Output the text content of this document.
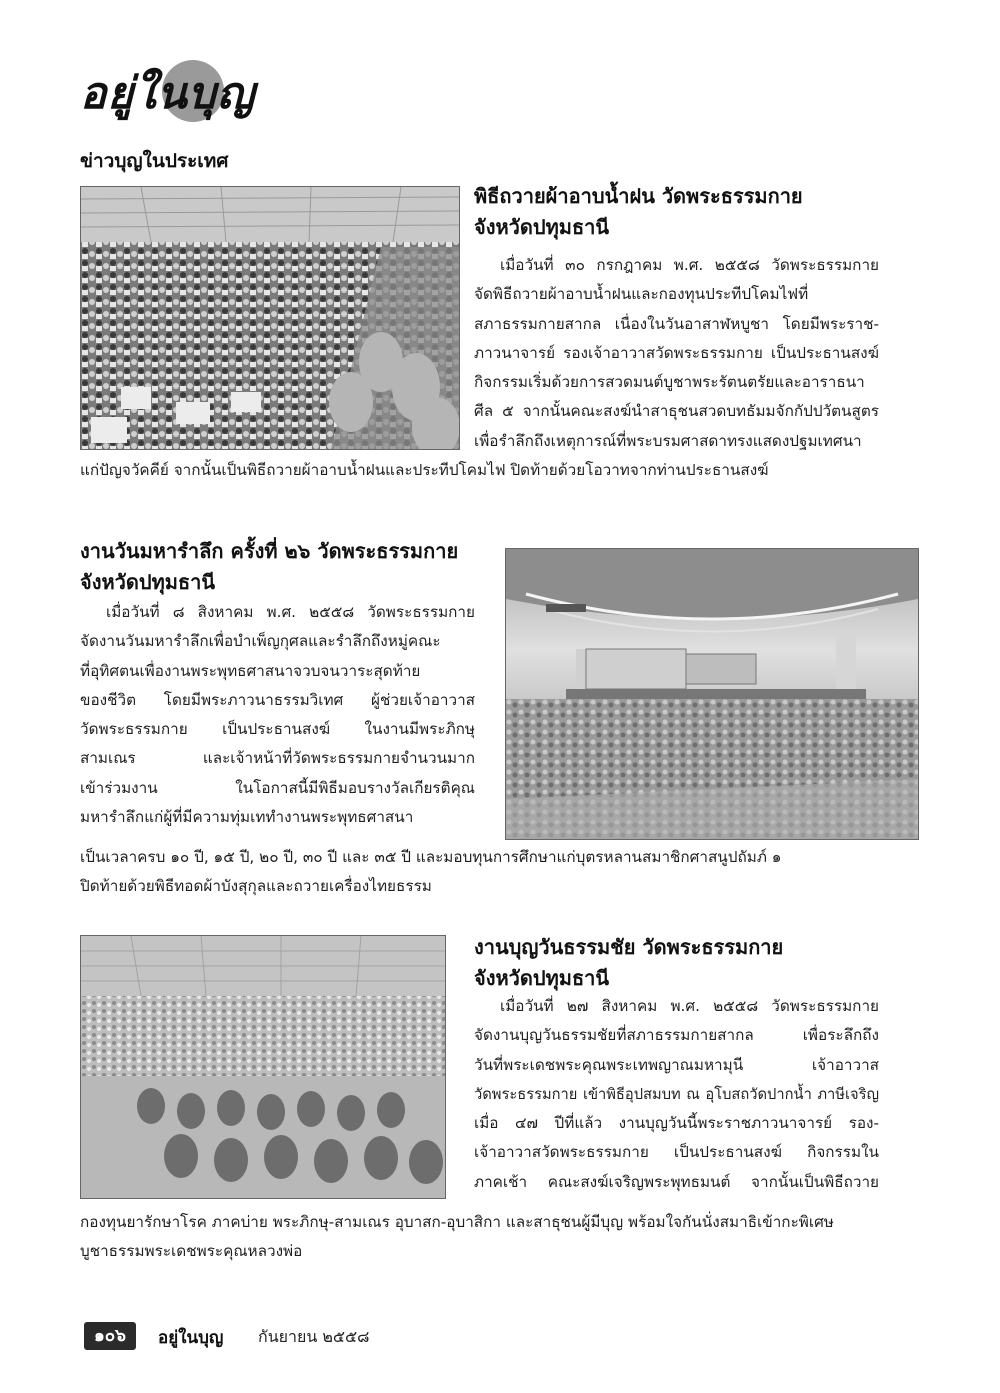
อยู่ในบุญ
ข่าวบุญในประเทศ
พิธีถวายผ้าอาบน้ำฝน วัดพระธรรมกาย
จังหวัดปทุมธานี
เมื่อวันที่ ๓๐ กรกฎาคม พ.ศ. ๒๕๕๘ วัดพระธรรมกาย
จัดพิธีถวายผ้าอาบน้ำฝนและกองทุนประทีปโคมไฟที่
สภาธรรมกายสากล เนื่องในวันอาสาฬหบูชา โดยมีพระราช-
ภาวนาจารย์ รองเจ้าอาวาสวัดพระธรรมกาย เป็นประธานสงฆ์
กิจกรรมเริ่มด้วยการสวดมนต์บูชาพระรัตนตรัยและอาราธนา
ศีล ๕ จากนั้นคณะสงฆ์นำสาธุชนสวดบทธัมมจักกัปปวัตนสูตร
เพื่อรำลึกถึงเหตุการณ์ที่พระบรมศาสดาทรงแสดงปฐมเทศนา
แก่ปัญจวัคคีย์ จากนั้นเป็นพิธีถวายผ้าอาบน้ำฝนและประทีปโคมไฟ ปิดท้ายด้วยโอวาทจากท่านประธานสงฆ์
งานวันมหารำลึก ครั้งที่ ๒๖ วัดพระธรรมกาย
จังหวัดปทุมธานี
เมื่อวันที่ ๘ สิงหาคม พ.ศ. ๒๕๕๘ วัดพระธรรมกาย
จัดงานวันมหารำลึกเพื่อบำเพ็ญกุศลและรำลึกถึงหมู่คณะ
ที่อุทิศตนเพื่องานพระพุทธศาสนาจวบจนวาระสุดท้าย
ของชีวิต โดยมีพระภาวนาธรรมวิเทศ ผู้ช่วยเจ้าอาวาส
วัดพระธรรมกาย เป็นประธานสงฆ์ ในงานมีพระภิกษุ
สามเณร และเจ้าหน้าที่วัดพระธรรมกายจำนวนมาก
เข้าร่วมงาน ในโอกาสนี้มีพิธีมอบรางวัลเกียรติคุณ
มหารำลึกแก่ผู้ที่มีความทุ่มเททำงานพระพุทธศาสนา
เป็นเวลาครบ ๑๐ ปี, ๑๕ ปี, ๒๐ ปี, ๓๐ ปี และ ๓๕ ปี และมอบทุนการศึกษาแก่บุตรหลานสมาชิกศาสนูปถัมภ์ ๑
ปิดท้ายด้วยพิธีทอดผ้าบังสุกุลและถวายเครื่องไทยธรรม
งานบุญวันธรรมชัย วัดพระธรรมกาย
จังหวัดปทุมธานี
เมื่อวันที่ ๒๗ สิงหาคม พ.ศ. ๒๕๕๘ วัดพระธรรมกาย
จัดงานบุญวันธรรมชัยที่สภาธรรมกายสากล เพื่อระลึกถึง
วันที่พระเดชพระคุณพระเทพญาณมหามุนี เจ้าอาวาส
วัดพระธรรมกาย เข้าพิธีอุปสมบท ณ อุโบสถวัดปากน้ำ ภาษีเจริญ
เมื่อ ๔๗ ปีที่แล้ว งานบุญวันนี้พระราชภาวนาจารย์ รอง-
เจ้าอาวาสวัดพระธรรมกาย เป็นประธานสงฆ์ กิจกรรมใน
ภาคเช้า คณะสงฆ์เจริญพระพุทธมนต์ จากนั้นเป็นพิธีถวาย
กองทุนยารักษาโรค ภาคบ่าย พระภิกษุ-สามเณร อุบาสก-อุบาสิกา และสาธุชนผู้มีบุญ พร้อมใจกันนั่งสมาธิเข้ากะพิเศษ
บูชาธรรมพระเดชพระคุณหลวงพ่อ
๑๐๖	อยู่ในบุญ กันยายน ๒๕๕๘
